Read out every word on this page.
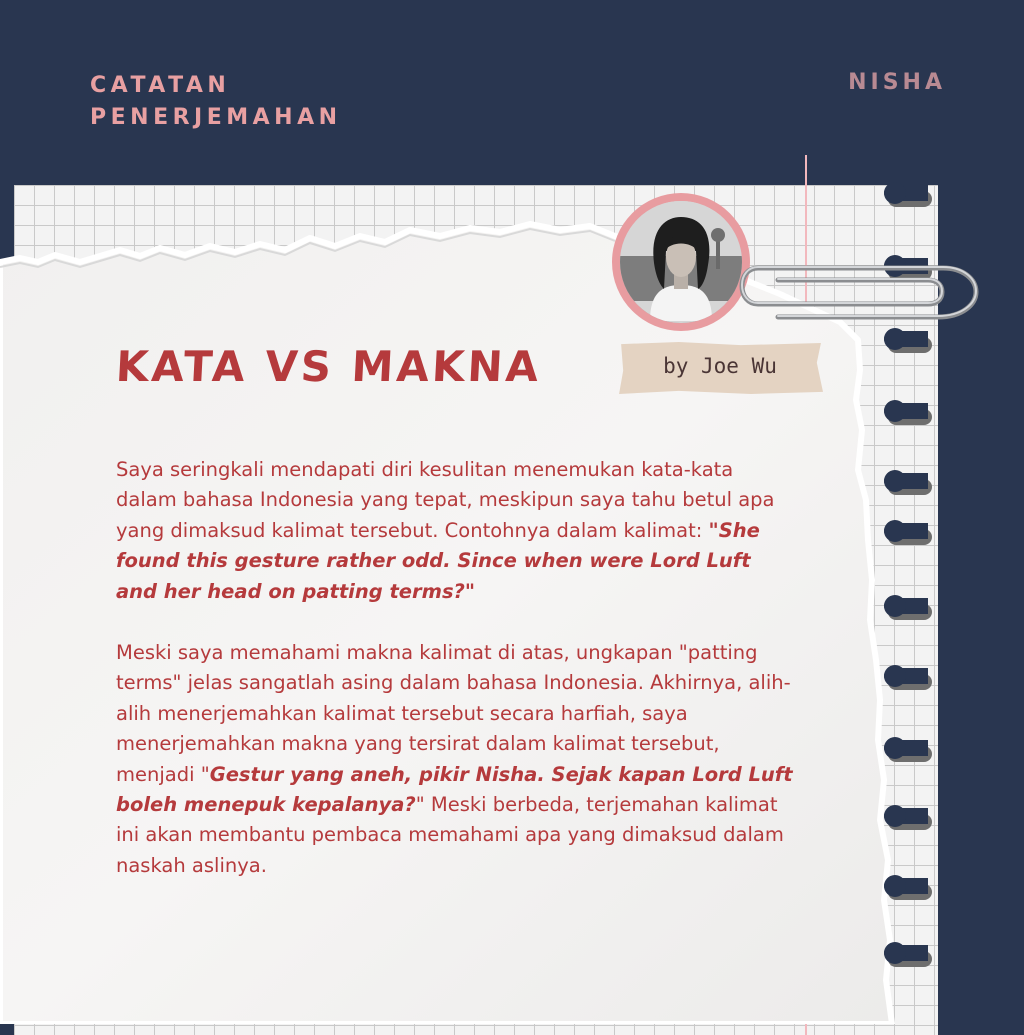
CATATAN
PENERJEMAHAN
NISHA
by Joe Wu
KATA VS MAKNA

Saya seringkali mendapati diri kesulitan menemukan kata-kata dalam bahasa Indonesia yang tepat, meskipun saya tahu betul apa yang dimaksud kalimat tersebut. Contohnya dalam kalimat: "She found this gesture rather odd. Since when were Lord Luft and her head on patting terms?"

Meski saya memahami makna kalimat di atas, ungkapan "patting terms" jelas sangatlah asing dalam bahasa Indonesia. Akhirnya, alih-alih menerjemahkan kalimat tersebut secara harfiah, saya menerjemahkan makna yang tersirat dalam kalimat tersebut, menjadi "Gestur yang aneh, pikir Nisha. Sejak kapan Lord Luft boleh menepuk kepalanya?" Meski berbeda, terjemahan kalimat ini akan membantu pembaca memahami apa yang dimaksud dalam naskah aslinya.
